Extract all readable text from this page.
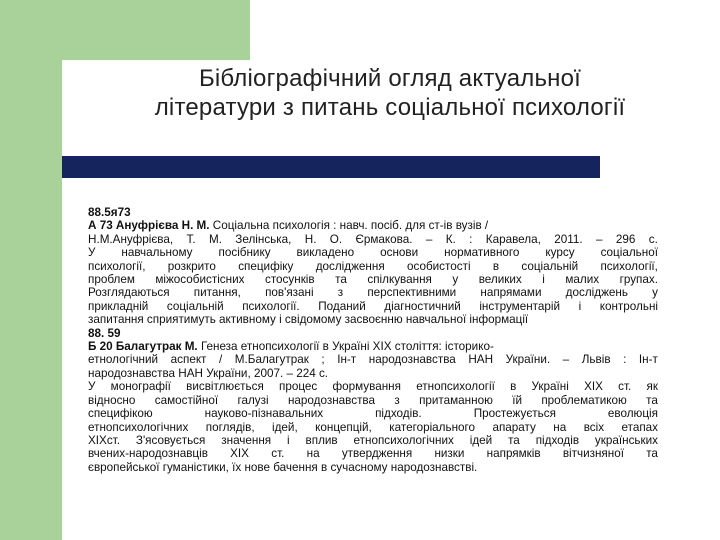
Бібліографічний огляд актуальної
літератури з питань соціальної психології
88.5я73
А 73 Ануфрієва Н. М. Соціальна психологія : навч. посіб. для ст-ів вузів /
Н.М.Ануфрієва, Т. М. Зелінська, Н. О. Єрмакова. – К. : Каравела, 2011. – 296 с.
У навчальному посібнику викладено основи нормативного курсу соціальної
психології, розкрито специфіку дослідження особистості в соціальній психології,
проблем міжособистісних стосунків та спілкування у великих і малих групах.
Розглядаються питання, пов'язані з перспективними напрямами досліджень у
прикладній соціальній психології. Поданий діагностичний інструментарій і контрольні
запитання сприятимуть активному і свідомому засвоєнню навчальної інформації
88. 59
Б 20 Балагутрак М. Генеза етнопсихології в Україні XIX століття: історико-
етнологічний аспект / М.Балагутрак ; Ін-т народознавства НАН України. – Львів : Ін-т
народознавства НАН України, 2007. – 224 с.
У монографії висвітлюється процес формування етнопсихології в Україні XIX ст. як
відносно самостійної галузі народознавства з притаманною їй проблематикою та
специфікою	науково-пізнавальних	підходів.	Простежується	еволюція
етнопсихологічних поглядів, ідей, концепцій, категоріального апарату на всіх етапах
XIXст. З'ясовується значення і вплив етнопсихологічних ідей та підходів українських
вчених-народознавців XIX ст. на утвердження низки напрямків вітчизняної та
європейської гуманістики, їх нове бачення в сучасному народознавстві.
